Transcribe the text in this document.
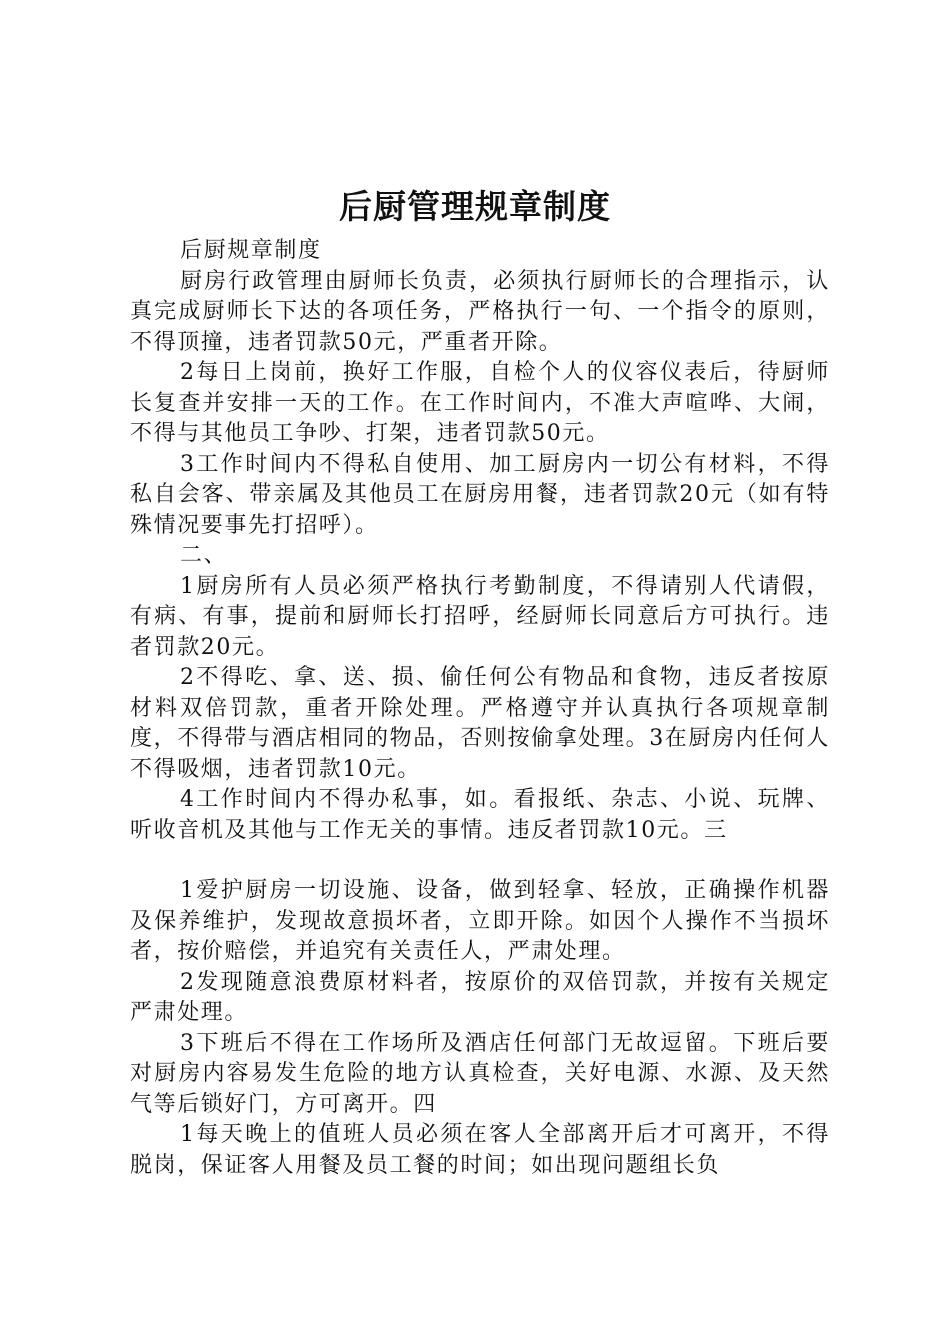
后厨管理规章制度

后厨规章制度

厨房行政管理由厨师长负责，必须执行厨师长的合理指示，认真完成厨师长下达的各项任务，严格执行一句、一个指令的原则，不得顶撞，违者罚款50元，严重者开除。

2每日上岗前，换好工作服，自检个人的仪容仪表后，待厨师长复查并安排一天的工作。在工作时间内，不准大声喧哗、大闹，不得与其他员工争吵、打架，违者罚款50元。

3工作时间内不得私自使用、加工厨房内一切公有材料，不得私自会客、带亲属及其他员工在厨房用餐，违者罚款20元（如有特殊情况要事先打招呼）。

二、

1厨房所有人员必须严格执行考勤制度，不得请别人代请假，有病、有事，提前和厨师长打招呼，经厨师长同意后方可执行。违者罚款20元。

2不得吃、拿、送、损、偷任何公有物品和食物，违反者按原材料双倍罚款，重者开除处理。严格遵守并认真执行各项规章制度，不得带与酒店相同的物品，否则按偷拿处理。3在厨房内任何人不得吸烟，违者罚款10元。

4工作时间内不得办私事，如。看报纸、杂志、小说、玩牌、听收音机及其他与工作无关的事情。违反者罚款10元。三

1爱护厨房一切设施、设备，做到轻拿、轻放，正确操作机器及保养维护，发现故意损坏者，立即开除。如因个人操作不当损坏者，按价赔偿，并追究有关责任人，严肃处理。

2发现随意浪费原材料者，按原价的双倍罚款，并按有关规定严肃处理。

3下班后不得在工作场所及酒店任何部门无故逗留。下班后要对厨房内容易发生危险的地方认真检查，关好电源、水源、及天然气等后锁好门，方可离开。四

1每天晚上的值班人员必须在客人全部离开后才可离开，不得脱岗，保证客人用餐及员工餐的时间；如出现问题组长负
